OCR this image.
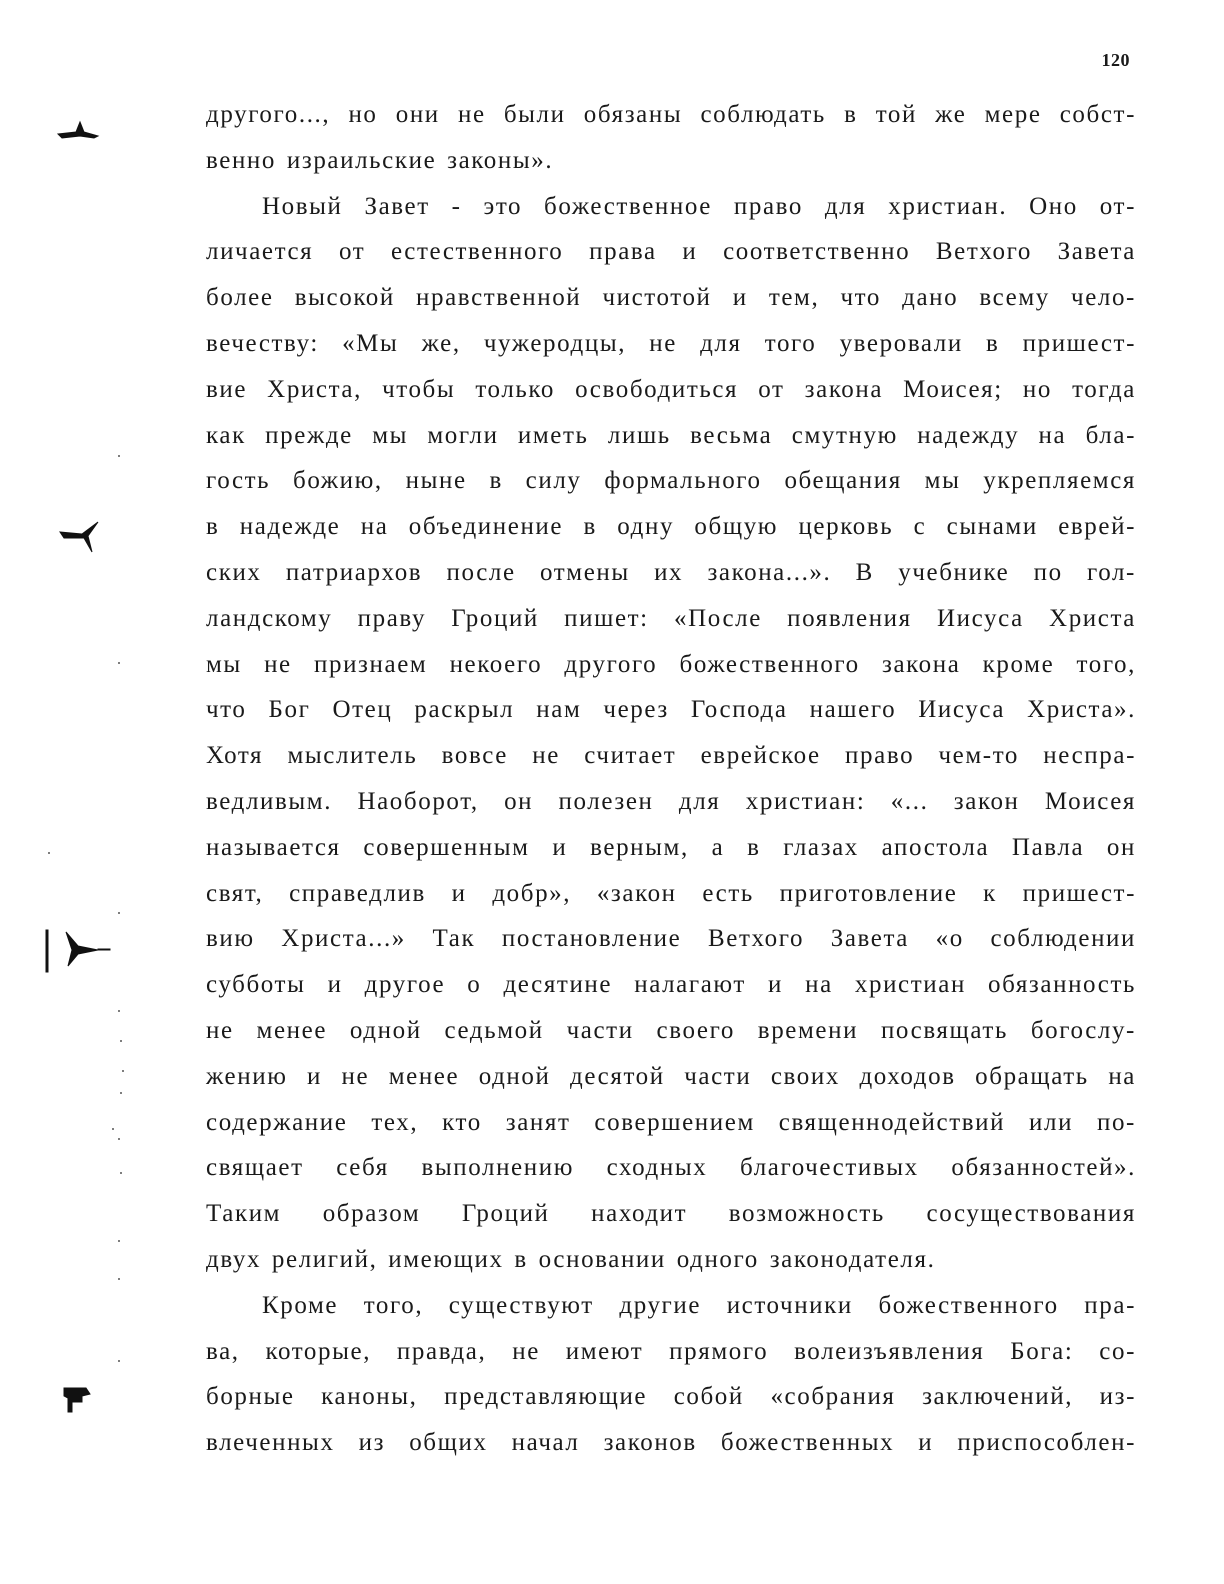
120
другого..., но они не были обязаны соблюдать в той же мере собст-
венно израильские законы».
Новый Завет - это божественное право для христиан. Оно от-
личается от естественного права и соответственно Ветхого Завета
более высокой нравственной чистотой и тем, что дано всему чело-
вечеству: «Мы же, чужеродцы, не для того уверовали в пришест-
вие Христа, чтобы только освободиться от закона Моисея; но тогда
как прежде мы могли иметь лишь весьма смутную надежду на бла-
гость божию, ныне в силу формального обещания мы укрепляемся
в надежде на объединение в одну общую церковь с сынами еврей-
ских патриархов после отмены их закона...». В учебнике по гол-
ландскому праву Гроций пишет: «После появления Иисуса Христа
мы не признаем некоего другого божественного закона кроме того,
что Бог Отец раскрыл нам через Господа нашего Иисуса Христа».
Хотя мыслитель вовсе не считает еврейское право чем-то неспра-
ведливым. Наоборот, он полезен для христиан: «... закон Моисея
называется совершенным и верным, а в глазах апостола Павла он
свят, справедлив и добр», «закон есть приготовление к пришест-
вию Христа...» Так постановление Ветхого Завета «о соблюдении
субботы и другое о десятине налагают и на христиан обязанность
не менее одной седьмой части своего времени посвящать богослу-
жению и не менее одной десятой части своих доходов обращать на
содержание тех, кто занят совершением священнодействий или по-
свящает себя выполнению сходных благочестивых обязанностей».
Таким образом Гроций находит возможность сосуществования
двух религий, имеющих в основании одного законодателя.
Кроме того, существуют другие источники божественного пра-
ва, которые, правда, не имеют прямого волеизъявления Бога: со-
борные каноны, представляющие собой «собрания заключений, из-
влеченных из общих начал законов божественных и приспособлен-
